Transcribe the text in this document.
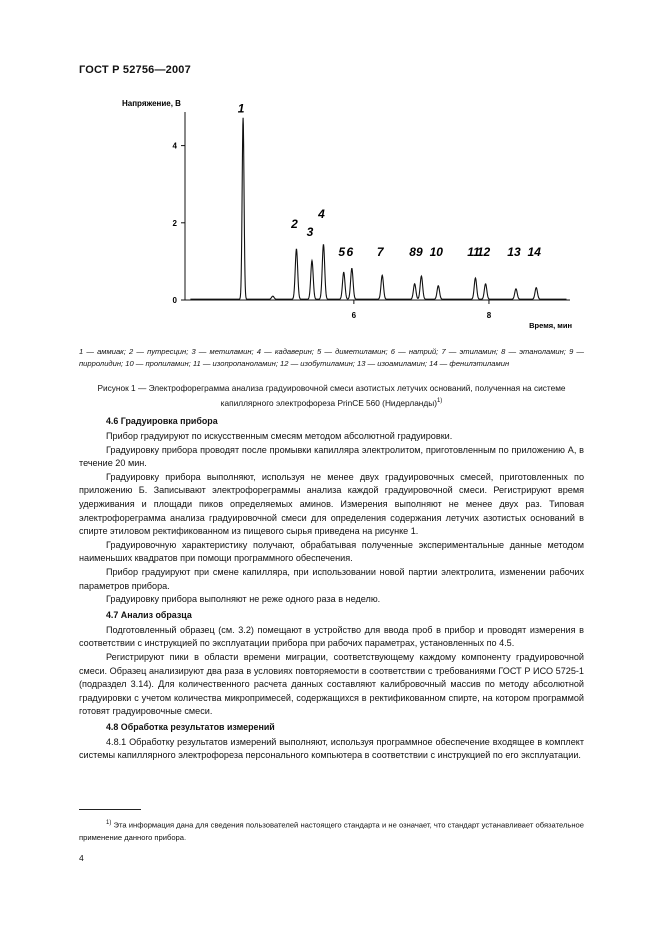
ГОСТ Р 52756—2007
Напряжение, В
0
2
4
6	8
1
2
3
4
5 6 7 8 9 10 11
12 13 14
Время, мин
1 — аммиак; 2 — путресцин; 3 — метиламин; 4 — кадаверин; 5 — диметиламин; 6 — натрий; 7 — этиламин; 8 — этаноламин; 9 — пирролидин; 10 — пропиламин; 11 — изопропаноламин; 12 — изобутиламин; 13 — изоамиламин; 14 — фенилэтиламин
Рисунок 1 — Электрофореграмма анализа градуировочной смеси азотистых летучих оснований, полученная на системе капиллярного электрофореза PrinCE 560 (Нидерланды)$^{1)}$

4.6 Градуировка прибора

Прибор градуируют по искусственным смесям методом абсолютной градуировки.

Градуировку прибора проводят после промывки капилляра электролитом, приготовленным по приложению А, в течение 20 мин.

Градуировку прибора выполняют, используя не менее двух градуировочных смесей, приготовленных по приложению Б. Записывают электрофореграммы анализа каждой градуировочной смеси. Регистрируют время удерживания и площади пиков определяемых аминов. Измерения выполняют не менее двух раз. Типовая электрофореграмма анализа градуировочной смеси для определения содержания летучих азотистых оснований в спирте этиловом ректификованном из пищевого сырья приведена на рисунке 1.

Градуировочную характеристику получают, обрабатывая полученные экспериментальные данные методом наименьших квадратов при помощи программного обеспечения.

Прибор градуируют при смене капилляра, при использовании новой партии электролита, изменении рабочих параметров прибора.

Градуировку прибора выполняют не реже одного раза в неделю.

4.7 Анализ образца

Подготовленный образец (см. 3.2) помещают в устройство для ввода проб в прибор и проводят измерения в соответствии с инструкцией по эксплуатации прибора при рабочих параметрах, установленных по 4.5.

Регистрируют пики в области времени миграции, соответствующему каждому компоненту градуировочной смеси. Образец анализируют два раза в условиях повторяемости в соответствии с требованиями ГОСТ Р ИСО 5725-1 (подраздел 3.14). Для количественного расчета данных составляют калибровочный массив по методу абсолютной градуировки с учетом количества микропримесей, содержащихся в ректификованном спирте, на котором программой готовят градуировочные смеси.

4.8 Обработка результатов измерений

4.8.1 Обработку результатов измерений выполняют, используя программное обеспечение входящее в комплект системы капиллярного электрофореза персонального компьютера в соответствии с инструкцией по его эксплуатации.

$^{1)}$ Эта информация дана для сведения пользователей настоящего стандарта и не означает, что стандарт устанавливает обязательное применение данного прибора.
4
